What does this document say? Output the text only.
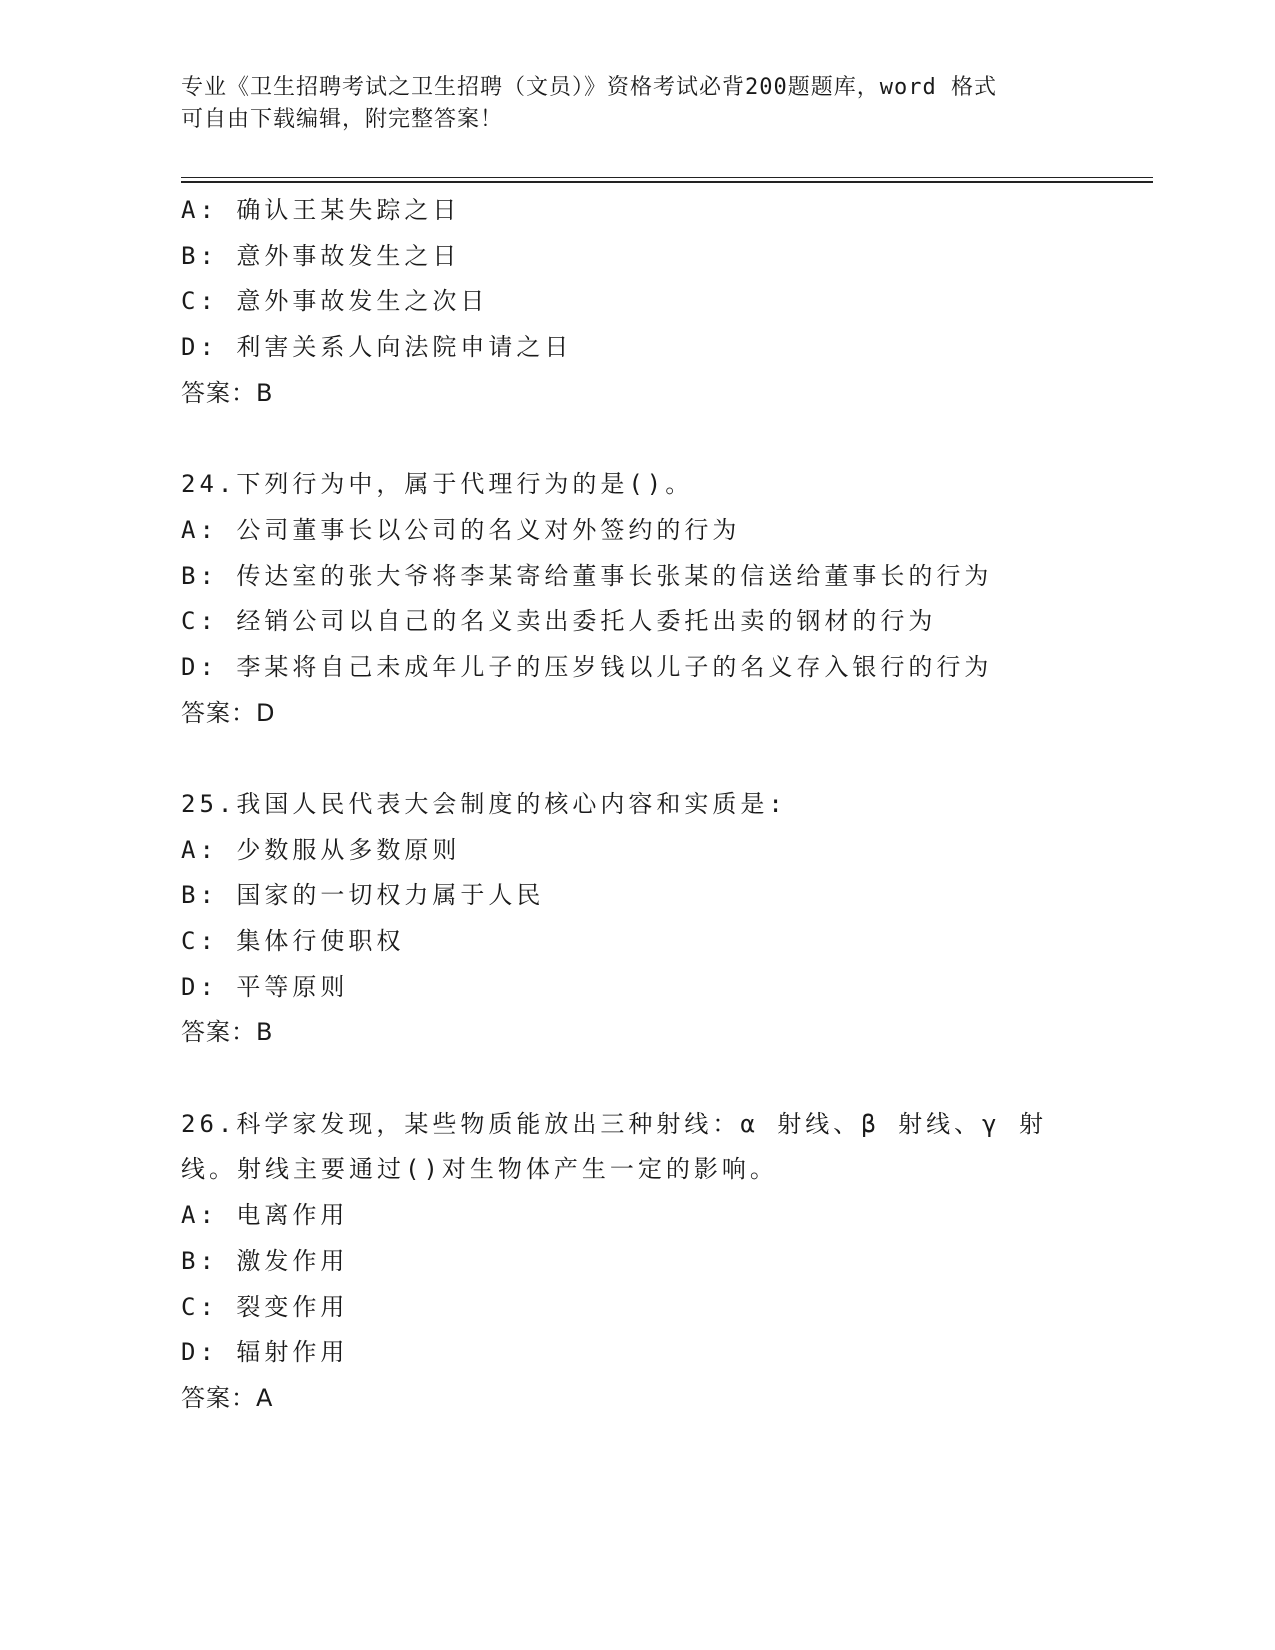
专业《卫生招聘考试之卫生招聘（文员）》资格考试必背200题题库，word 格式
可自由下载编辑，附完整答案！
A: 确认王某失踪之日
B: 意外事故发生之日
C: 意外事故发生之次日
D: 利害关系人向法院申请之日
答案：B
24.下列行为中，属于代理行为的是()。
A: 公司董事长以公司的名义对外签约的行为
B: 传达室的张大爷将李某寄给董事长张某的信送给董事长的行为
C: 经销公司以自己的名义卖出委托人委托出卖的钢材的行为
D: 李某将自己未成年儿子的压岁钱以儿子的名义存入银行的行为
答案：D
25.我国人民代表大会制度的核心内容和实质是:
A: 少数服从多数原则
B: 国家的一切权力属于人民
C: 集体行使职权
D: 平等原则
答案：B
26.科学家发现，某些物质能放出三种射线：α 射线、β 射线、γ 射
线。射线主要通过()对生物体产生一定的影响。
A: 电离作用
B: 激发作用
C: 裂变作用
D: 辐射作用
答案：A
